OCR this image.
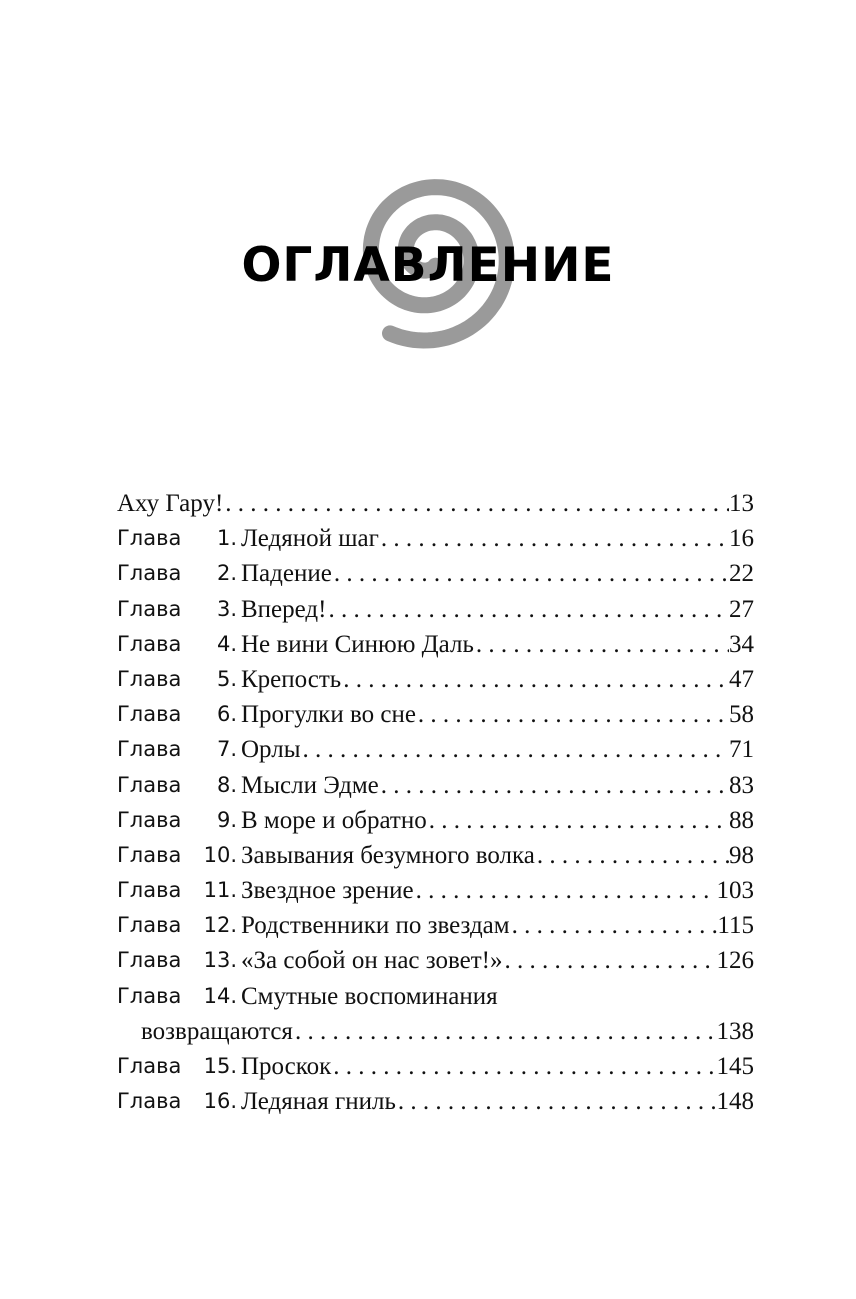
ОГЛАВЛЕНИЕ
Аху Гару! . . .	13
Глава	1. Ледяной шаг . . .	16
Глава	2. Падение . . .	22
Глава	3. Вперед! . . .	27
Глава	4. Не вини Синюю Даль . . .	34
Глава	5. Крепость . . .	47
Глава	6. Прогулки во сне . . .	58
Глава	7. Орлы . . .	71
Глава	8. Мысли Эдме . . .	83
Глава	9. В море и обратно . . .	88
Глава	10. Завывания безумного волка . . .	98
Глава	11. Звездное зрение . . .	103
Глава	12. Родственники по звездам . . .	115
Глава	13. «За собой он нас зовет!» . . .	126
Глава	14. Смутные воспоминания
возвращаются . . .	138
Глава	15. Проскок . . .	145
Глава	16. Ледяная гниль . . .	148
